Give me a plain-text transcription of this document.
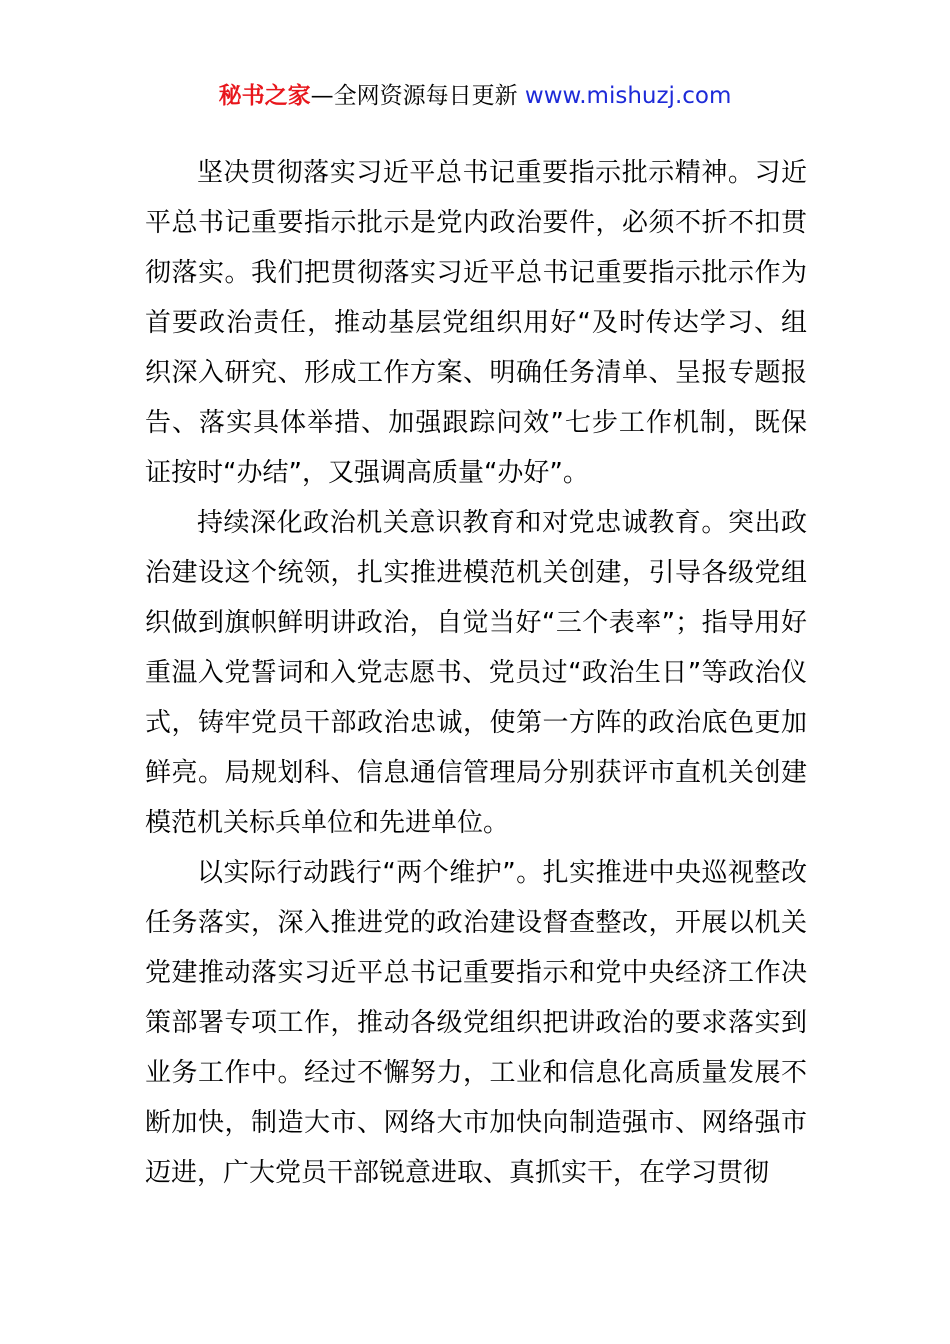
秘书之家—全网资源每日更新 www.mishuzj.com

坚决贯彻落实习近平总书记重要指示批示精神。习近平总书记重要指示批示是党内政治要件，必须不折不扣贯彻落实。我们把贯彻落实习近平总书记重要指示批示作为首要政治责任，推动基层党组织用好“及时传达学习、组织深入研究、形成工作方案、明确任务清单、呈报专题报告、落实具体举措、加强跟踪问效”七步工作机制，既保证按时“办结”，又强调高质量“办好”。

持续深化政治机关意识教育和对党忠诚教育。突出政治建设这个统领，扎实推进模范机关创建，引导各级党组织做到旗帜鲜明讲政治，自觉当好“三个表率”；指导用好重温入党誓词和入党志愿书、党员过“政治生日”等政治仪式，铸牢党员干部政治忠诚，使第一方阵的政治底色更加鲜亮。局规划科、信息通信管理局分别获评市直机关创建模范机关标兵单位和先进单位。

以实际行动践行“两个维护”。扎实推进中央巡视整改任务落实，深入推进党的政治建设督查整改，开展以机关党建推动落实习近平总书记重要指示和党中央经济工作决策部署专项工作，推动各级党组织把讲政治的要求落实到业务工作中。经过不懈努力，工业和信息化高质量发展不断加快，制造大市、网络大市加快向制造强市、网络强市迈进，广大党员干部锐意进取、真抓实干，在学习贯彻
